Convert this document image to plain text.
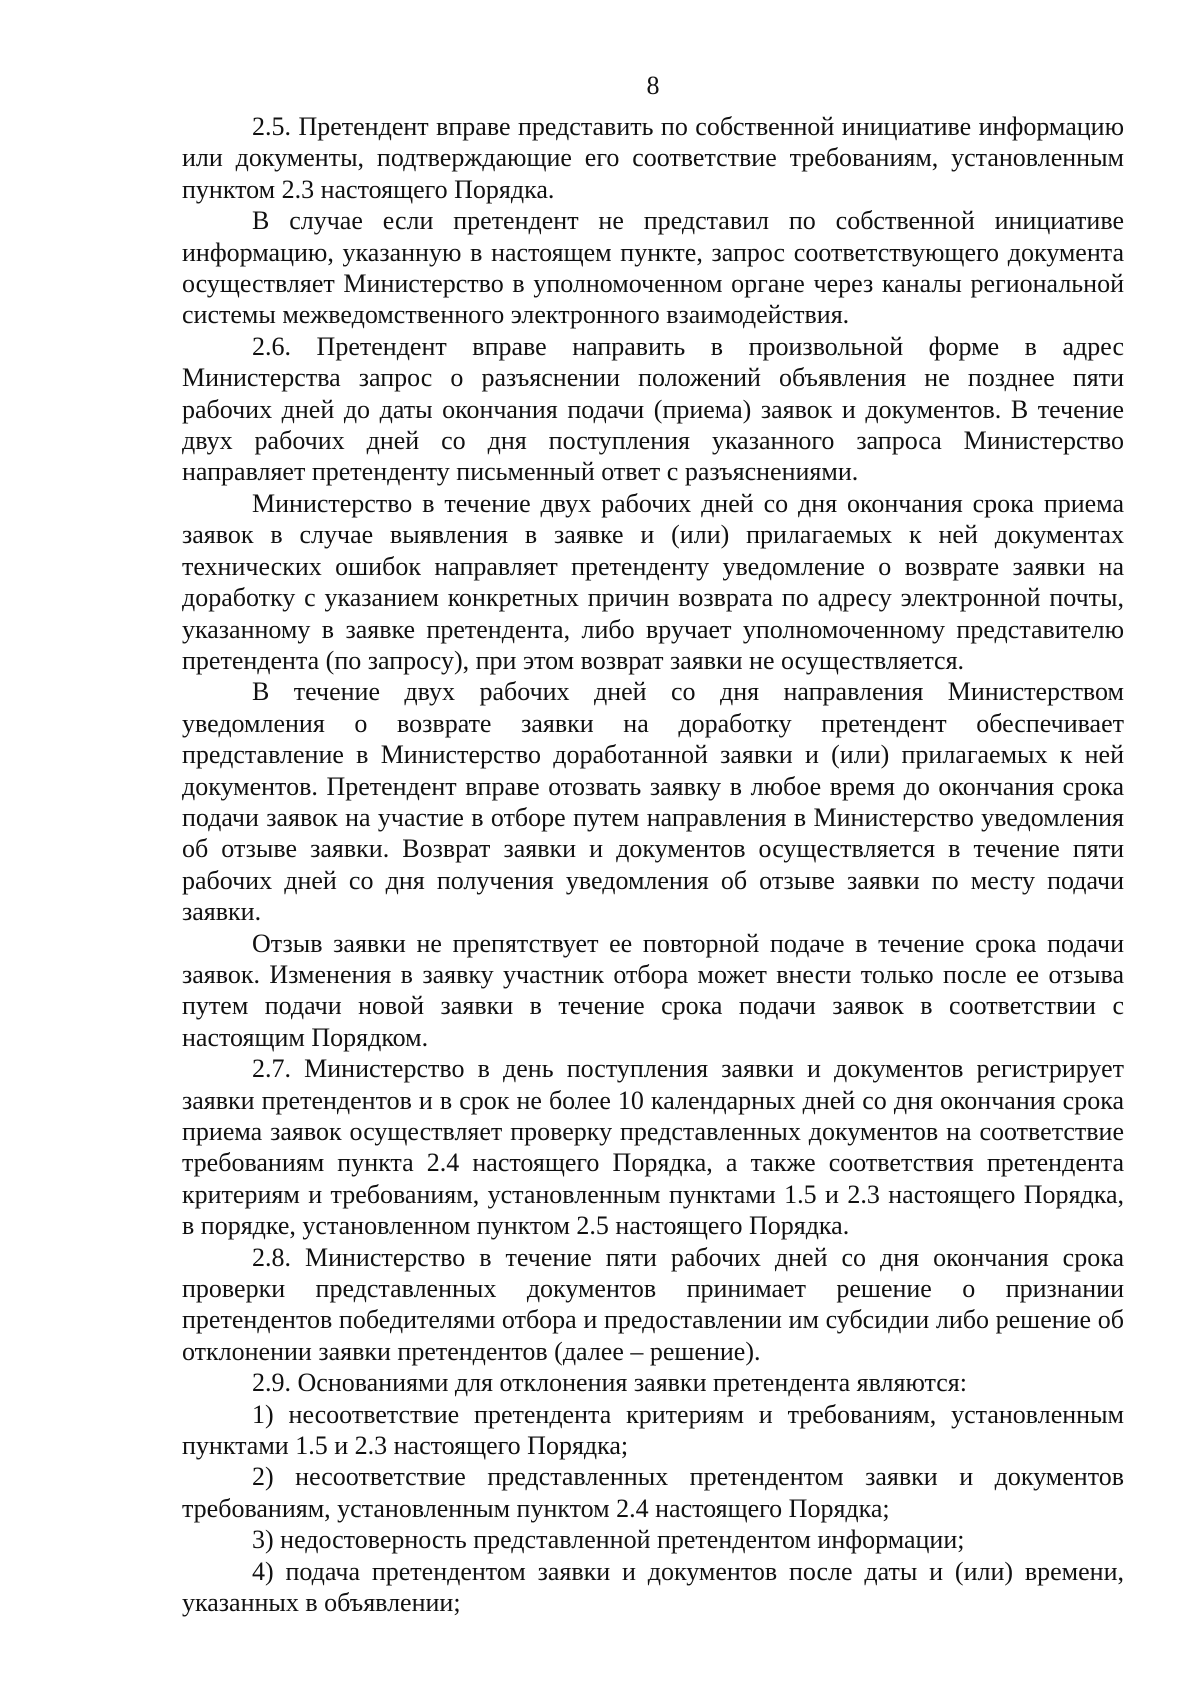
8

2.5. Претендент вправе представить по собственной инициативе информацию или документы, подтверждающие его соответствие требованиям, установленным пунктом 2.3 настоящего Порядка.

В случае если претендент не представил по собственной инициативе информацию, указанную в настоящем пункте, запрос соответствующего документа осуществляет Министерство в уполномоченном органе через каналы региональной системы межведомственного электронного взаимодействия.

2.6. Претендент вправе направить в произвольной форме в адрес Министерства запрос о разъяснении положений объявления не позднее пяти рабочих дней до даты окончания подачи (приема) заявок и документов. В течение двух рабочих дней со дня поступления указанного запроса Министерство направляет претенденту письменный ответ с разъяснениями.

Министерство в течение двух рабочих дней со дня окончания срока приема заявок в случае выявления в заявке и (или) прилагаемых к ней документах технических ошибок направляет претенденту уведомление о возврате заявки на доработку с указанием конкретных причин возврата по адресу электронной почты, указанному в заявке претендента, либо вручает уполномоченному представителю претендента (по запросу), при этом возврат заявки не осуществляется.

В течение двух рабочих дней со дня направления Министерством уведомления о возврате заявки на доработку претендент обеспечивает представление в Министерство доработанной заявки и (или) прилагаемых к ней документов. Претендент вправе отозвать заявку в любое время до окончания срока подачи заявок на участие в отборе путем направления в Министерство уведомления об отзыве заявки. Возврат заявки и документов осуществляется в течение пяти рабочих дней со дня получения уведомления об отзыве заявки по месту подачи заявки.

Отзыв заявки не препятствует ее повторной подаче в течение срока подачи заявок. Изменения в заявку участник отбора может внести только после ее отзыва путем подачи новой заявки в течение срока подачи заявок в соответствии с настоящим Порядком.

2.7. Министерство в день поступления заявки и документов регистрирует заявки претендентов и в срок не более 10 календарных дней со дня окончания срока приема заявок осуществляет проверку представленных документов на соответствие требованиям пункта 2.4 настоящего Порядка, а также соответствия претендента критериям и требованиям, установленным пунктами 1.5 и 2.3 настоящего Порядка, в порядке, установленном пунктом 2.5 настоящего Порядка.

2.8. Министерство в течение пяти рабочих дней со дня окончания срока проверки представленных документов принимает решение о признании претендентов победителями отбора и предоставлении им субсидии либо решение об отклонении заявки претендентов (далее – решение).

2.9. Основаниями для отклонения заявки претендента являются:

1) несоответствие претендента критериям и требованиям, установленным пунктами 1.5 и 2.3 настоящего Порядка;

2) несоответствие представленных претендентом заявки и документов требованиям, установленным пунктом 2.4 настоящего Порядка;

3) недостоверность представленной претендентом информации;

4) подача претендентом заявки и документов после даты и (или) времени, указанных в объявлении;
